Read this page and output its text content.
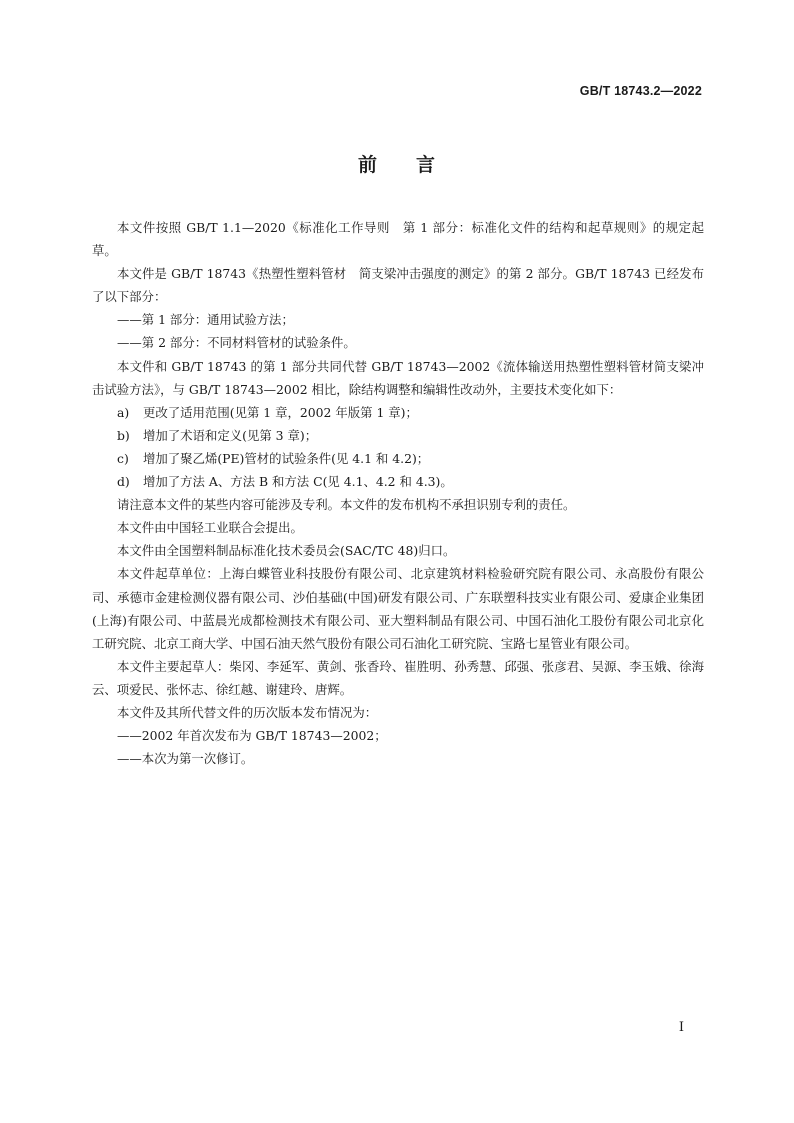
GB/T 18743.2—2022
前 言

本文件按照 GB/T 1.1—2020《标准化工作导则　第 1 部分：标准化文件的结构和起草规则》的规定起草。

本文件是 GB/T 18743《热塑性塑料管材　简支梁冲击强度的测定》的第 2 部分。GB/T 18743 已经发布了以下部分：

——第 1 部分：通用试验方法；

——第 2 部分：不同材料管材的试验条件。

本文件和 GB/T 18743 的第 1 部分共同代替 GB/T 18743—2002《流体输送用热塑性塑料管材简支梁冲击试验方法》，与 GB/T 18743—2002 相比，除结构调整和编辑性改动外，主要技术变化如下：

a)	更改了适用范围(见第 1 章，2002 年版第 1 章)；
b)	增加了术语和定义(见第 3 章)；
c)	增加了聚乙烯(PE)管材的试验条件(见 4.1 和 4.2)；
d)	增加了方法 A、方法 B 和方法 C(见 4.1、4.2 和 4.3)。

请注意本文件的某些内容可能涉及专利。本文件的发布机构不承担识别专利的责任。

本文件由中国轻工业联合会提出。

本文件由全国塑料制品标准化技术委员会(SAC/TC 48)归口。

本文件起草单位：上海白蝶管业科技股份有限公司、北京建筑材料检验研究院有限公司、永高股份有限公司、承德市金建检测仪器有限公司、沙伯基础(中国)研发有限公司、广东联塑科技实业有限公司、爱康企业集团(上海)有限公司、中蓝晨光成都检测技术有限公司、亚大塑料制品有限公司、中国石油化工股份有限公司北京化工研究院、北京工商大学、中国石油天然气股份有限公司石油化工研究院、宝路七星管业有限公司。

本文件主要起草人：柴冈、李延军、黄剑、张香玲、崔胜明、孙秀慧、邱强、张彦君、吴源、李玉娥、徐海云、项爱民、张怀志、徐红越、谢建玲、唐辉。

本文件及其所代替文件的历次版本发布情况为：

——2002 年首次发布为 GB/T 18743—2002；

——本次为第一次修订。

I
